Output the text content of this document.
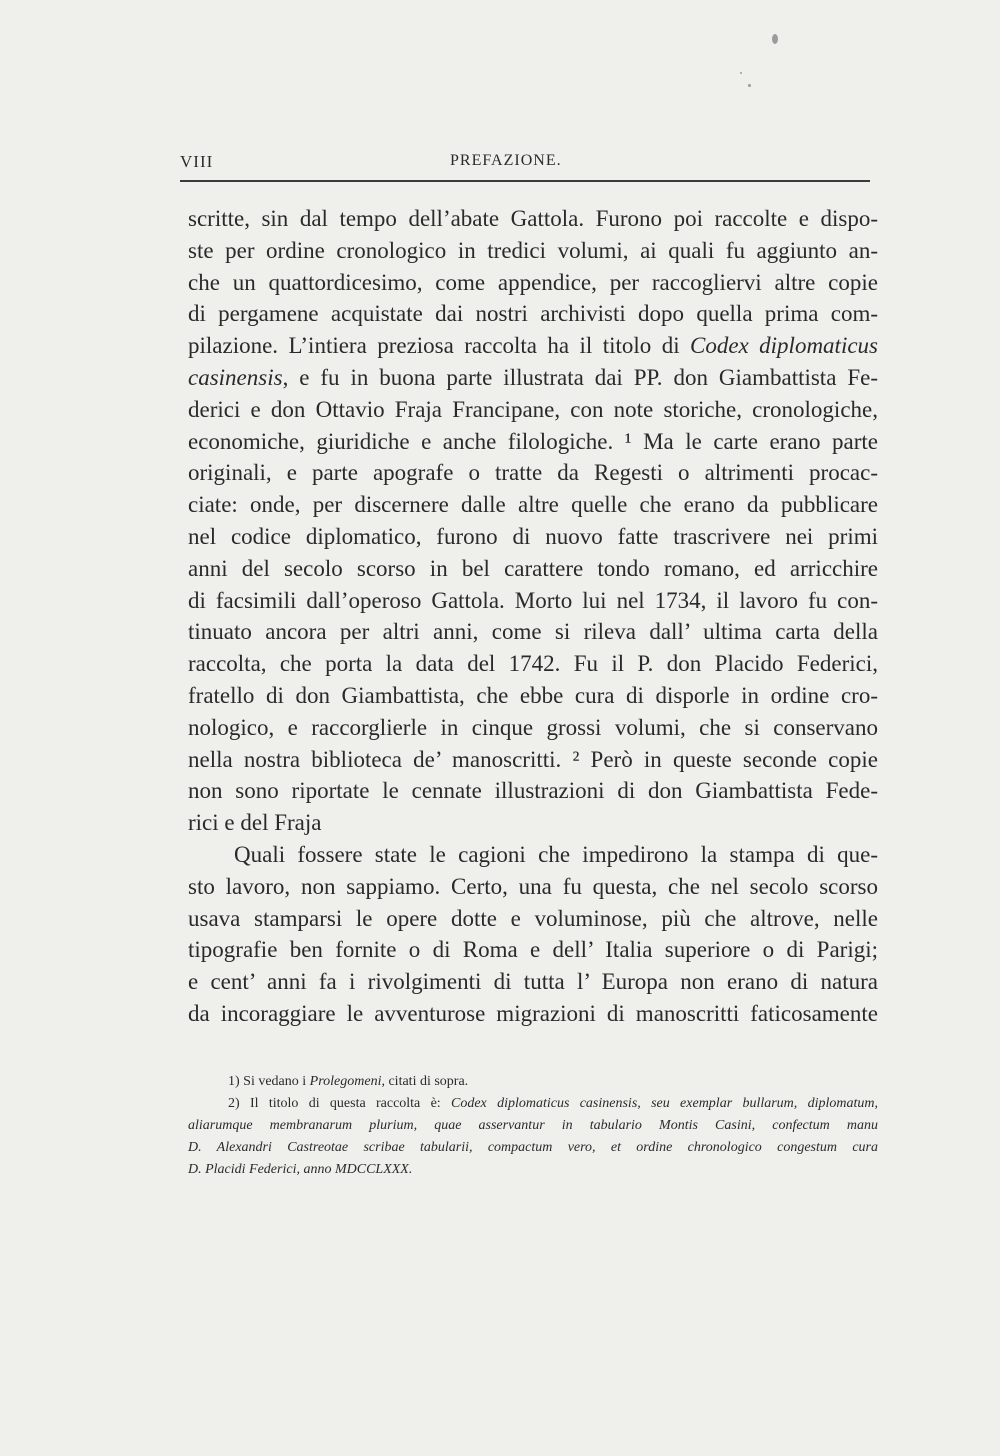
VIII	PREFAZIONE.
scritte, sin dal tempo dell’abate Gattola. Furono poi raccolte e dispo-
ste per ordine cronologico in tredici volumi, ai quali fu aggiunto an-
che un quattordicesimo, come appendice, per raccogliervi altre copie
di pergamene acquistate dai nostri archivisti dopo quella prima com-
pilazione. L’intiera preziosa raccolta ha il titolo di Codex diplomaticus
casinensis, e fu in buona parte illustrata dai PP. don Giambattista Fe-
derici e don Ottavio Fraja Francipane, con note storiche, cronologiche,
economiche, giuridiche e anche filologiche. ¹ Ma le carte erano parte
originali, e parte apografe o tratte da Regesti o altrimenti procac-
ciate: onde, per discernere dalle altre quelle che erano da pubblicare
nel codice diplomatico, furono di nuovo fatte trascrivere nei primi
anni del secolo scorso in bel carattere tondo romano, ed arricchire
di facsimili dall’operoso Gattola. Morto lui nel 1734, il lavoro fu con-
tinuato ancora per altri anni, come si rileva dall’ ultima carta della
raccolta, che porta la data del 1742. Fu il P. don Placido Federici,
fratello di don Giambattista, che ebbe cura di disporle in ordine cro-
nologico, e raccorglierle in cinque grossi volumi, che si conservano
nella nostra biblioteca de’ manoscritti. ² Però in queste seconde copie
non sono riportate le cennate illustrazioni di don Giambattista Fede-
rici e del Fraja
Quali fossere state le cagioni che impedirono la stampa di que-
sto lavoro, non sappiamo. Certo, una fu questa, che nel secolo scorso
usava stamparsi le opere dotte e voluminose, più che altrove, nelle
tipografie ben fornite o di Roma e dell’ Italia superiore o di Parigi;
e cent’ anni fa i rivolgimenti di tutta l’ Europa non erano di natura
da incoraggiare le avventurose migrazioni di manoscritti faticosamente
1) Si vedano i Prolegomeni, citati di sopra.
2) Il titolo di questa raccolta è: Codex diplomaticus casinensis, seu exemplar bullarum, diplomatum,
aliarumque membranarum plurium, quae asservantur in tabulario Montis Casini, confectum manu
D. Alexandri Castreotae scribae tabularii, compactum vero, et ordine chronologico congestum cura
D. Placidi Federici, anno MDCCLXXX.
